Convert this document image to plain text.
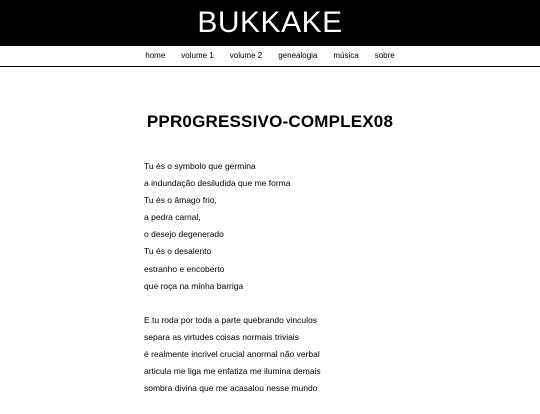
BUKKAKE
home	volume 1	volume 2	genealogia	música	sobre
PPR0GRESSIVO-COMPLEX08
Tu és o symbolo que germina
a indundação desiludida que me forma
Tu és o âmago frio,
a pedra carnal,
o desejo degenerado
Tu és o desalento
estranho e encoberto
que roça na minha barriga
E tu roda por toda a parte quebrando vinculos
separa as virtudes coisas normais triviais
é realmente incrivel crucial anormal não verbal
articula me liga me enfatiza me ilumina demais
sombra divina que me acasalou nesse mundo
